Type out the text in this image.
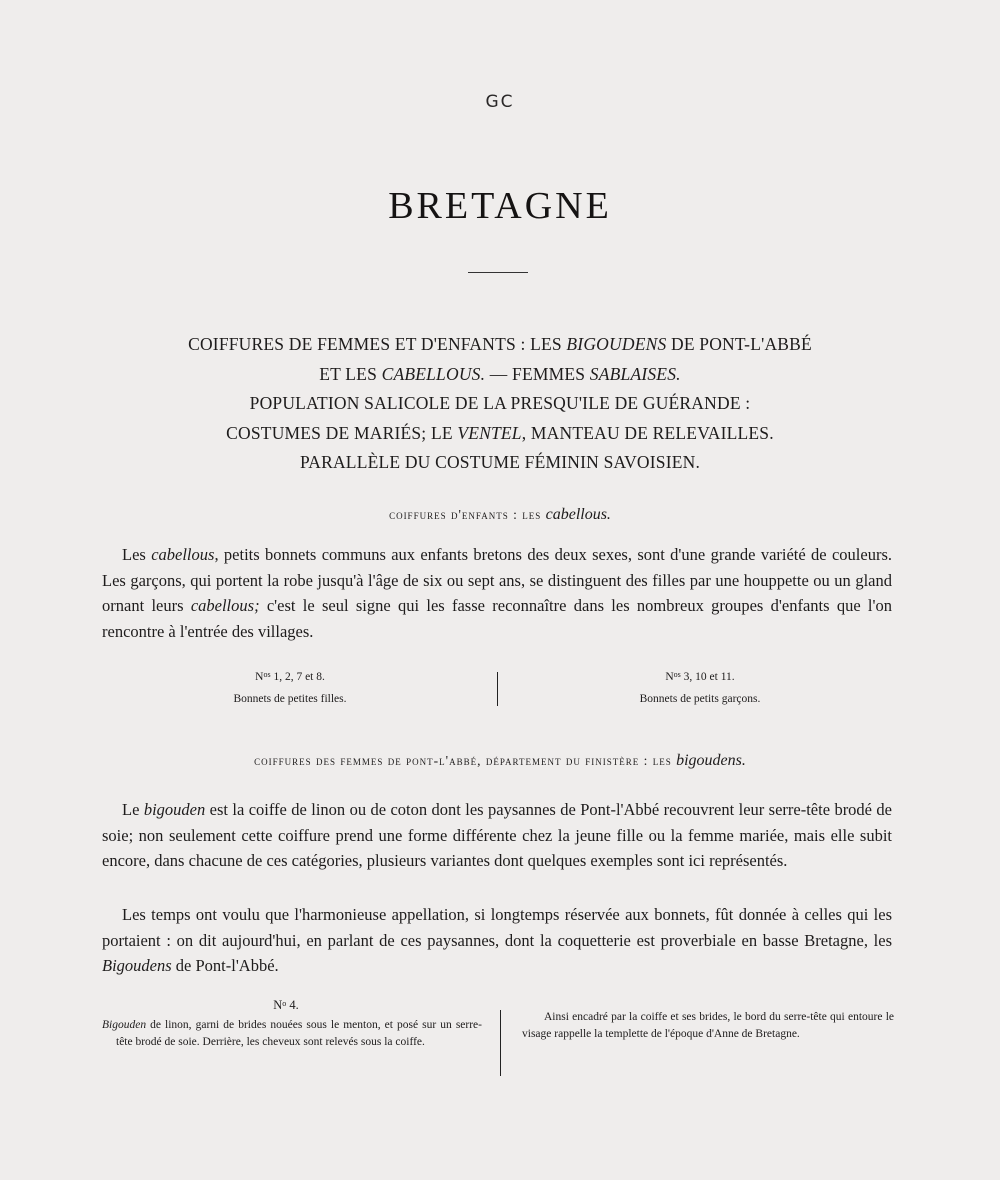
GC
BRETAGNE
COIFFURES DE FEMMES ET D'ENFANTS : LES BIGOUDENS DE PONT-L'ABBÉ
ET LES CABELLOUS. — FEMMES SABLAISES.
POPULATION SALICOLE DE LA PRESQU'ILE DE GUÉRANDE :
COSTUMES DE MARIÉS; LE VENTEL, MANTEAU DE RELEVAILLES.
PARALLÈLE DU COSTUME FÉMININ SAVOISIEN.
coiffures d'enfants : les cabellous.
Les cabellous, petits bonnets communs aux enfants bretons des deux sexes, sont d'une grande variété de couleurs. Les garçons, qui portent la robe jusqu'à l'âge de six ou sept ans, se distinguent des filles par une houppette ou un gland ornant leurs cabellous; c'est le seul signe qui les fasse reconnaître dans les nombreux groupes d'enfants que l'on rencontre à l'entrée des villages.
$N^{os}$ 1, 2, 7 et 8.
Bonnets de petites filles.
$N^{os}$ 3, 10 et 11.
Bonnets de petits garçons.
coiffures des femmes de pont-l'abbé, département du finistère : les bigoudens.
Le bigouden est la coiffe de linon ou de coton dont les paysannes de Pont-l'Abbé recouvrent leur serre-tête brodé de soie; non seulement cette coiffure prend une forme différente chez la jeune fille ou la femme mariée, mais elle subit encore, dans chacune de ces catégories, plusieurs variantes dont quelques exemples sont ici représentés.
Les temps ont voulu que l'harmonieuse appellation, si longtemps réservée aux bonnets, fût donnée à celles qui les portaient : on dit aujourd'hui, en parlant de ces paysannes, dont la coquetterie est proverbiale en basse Bretagne, les Bigoudens de Pont-l'Abbé.
$N^o$ 4.
Bigouden de linon, garni de brides nouées sous le menton, et posé sur un serre-tête brodé de soie. Derrière, les cheveux sont relevés sous la coiffe.
Ainsi encadré par la coiffe et ses brides, le bord du serre-tête qui entoure le visage rappelle la templette de l'époque d'Anne de Bretagne.
